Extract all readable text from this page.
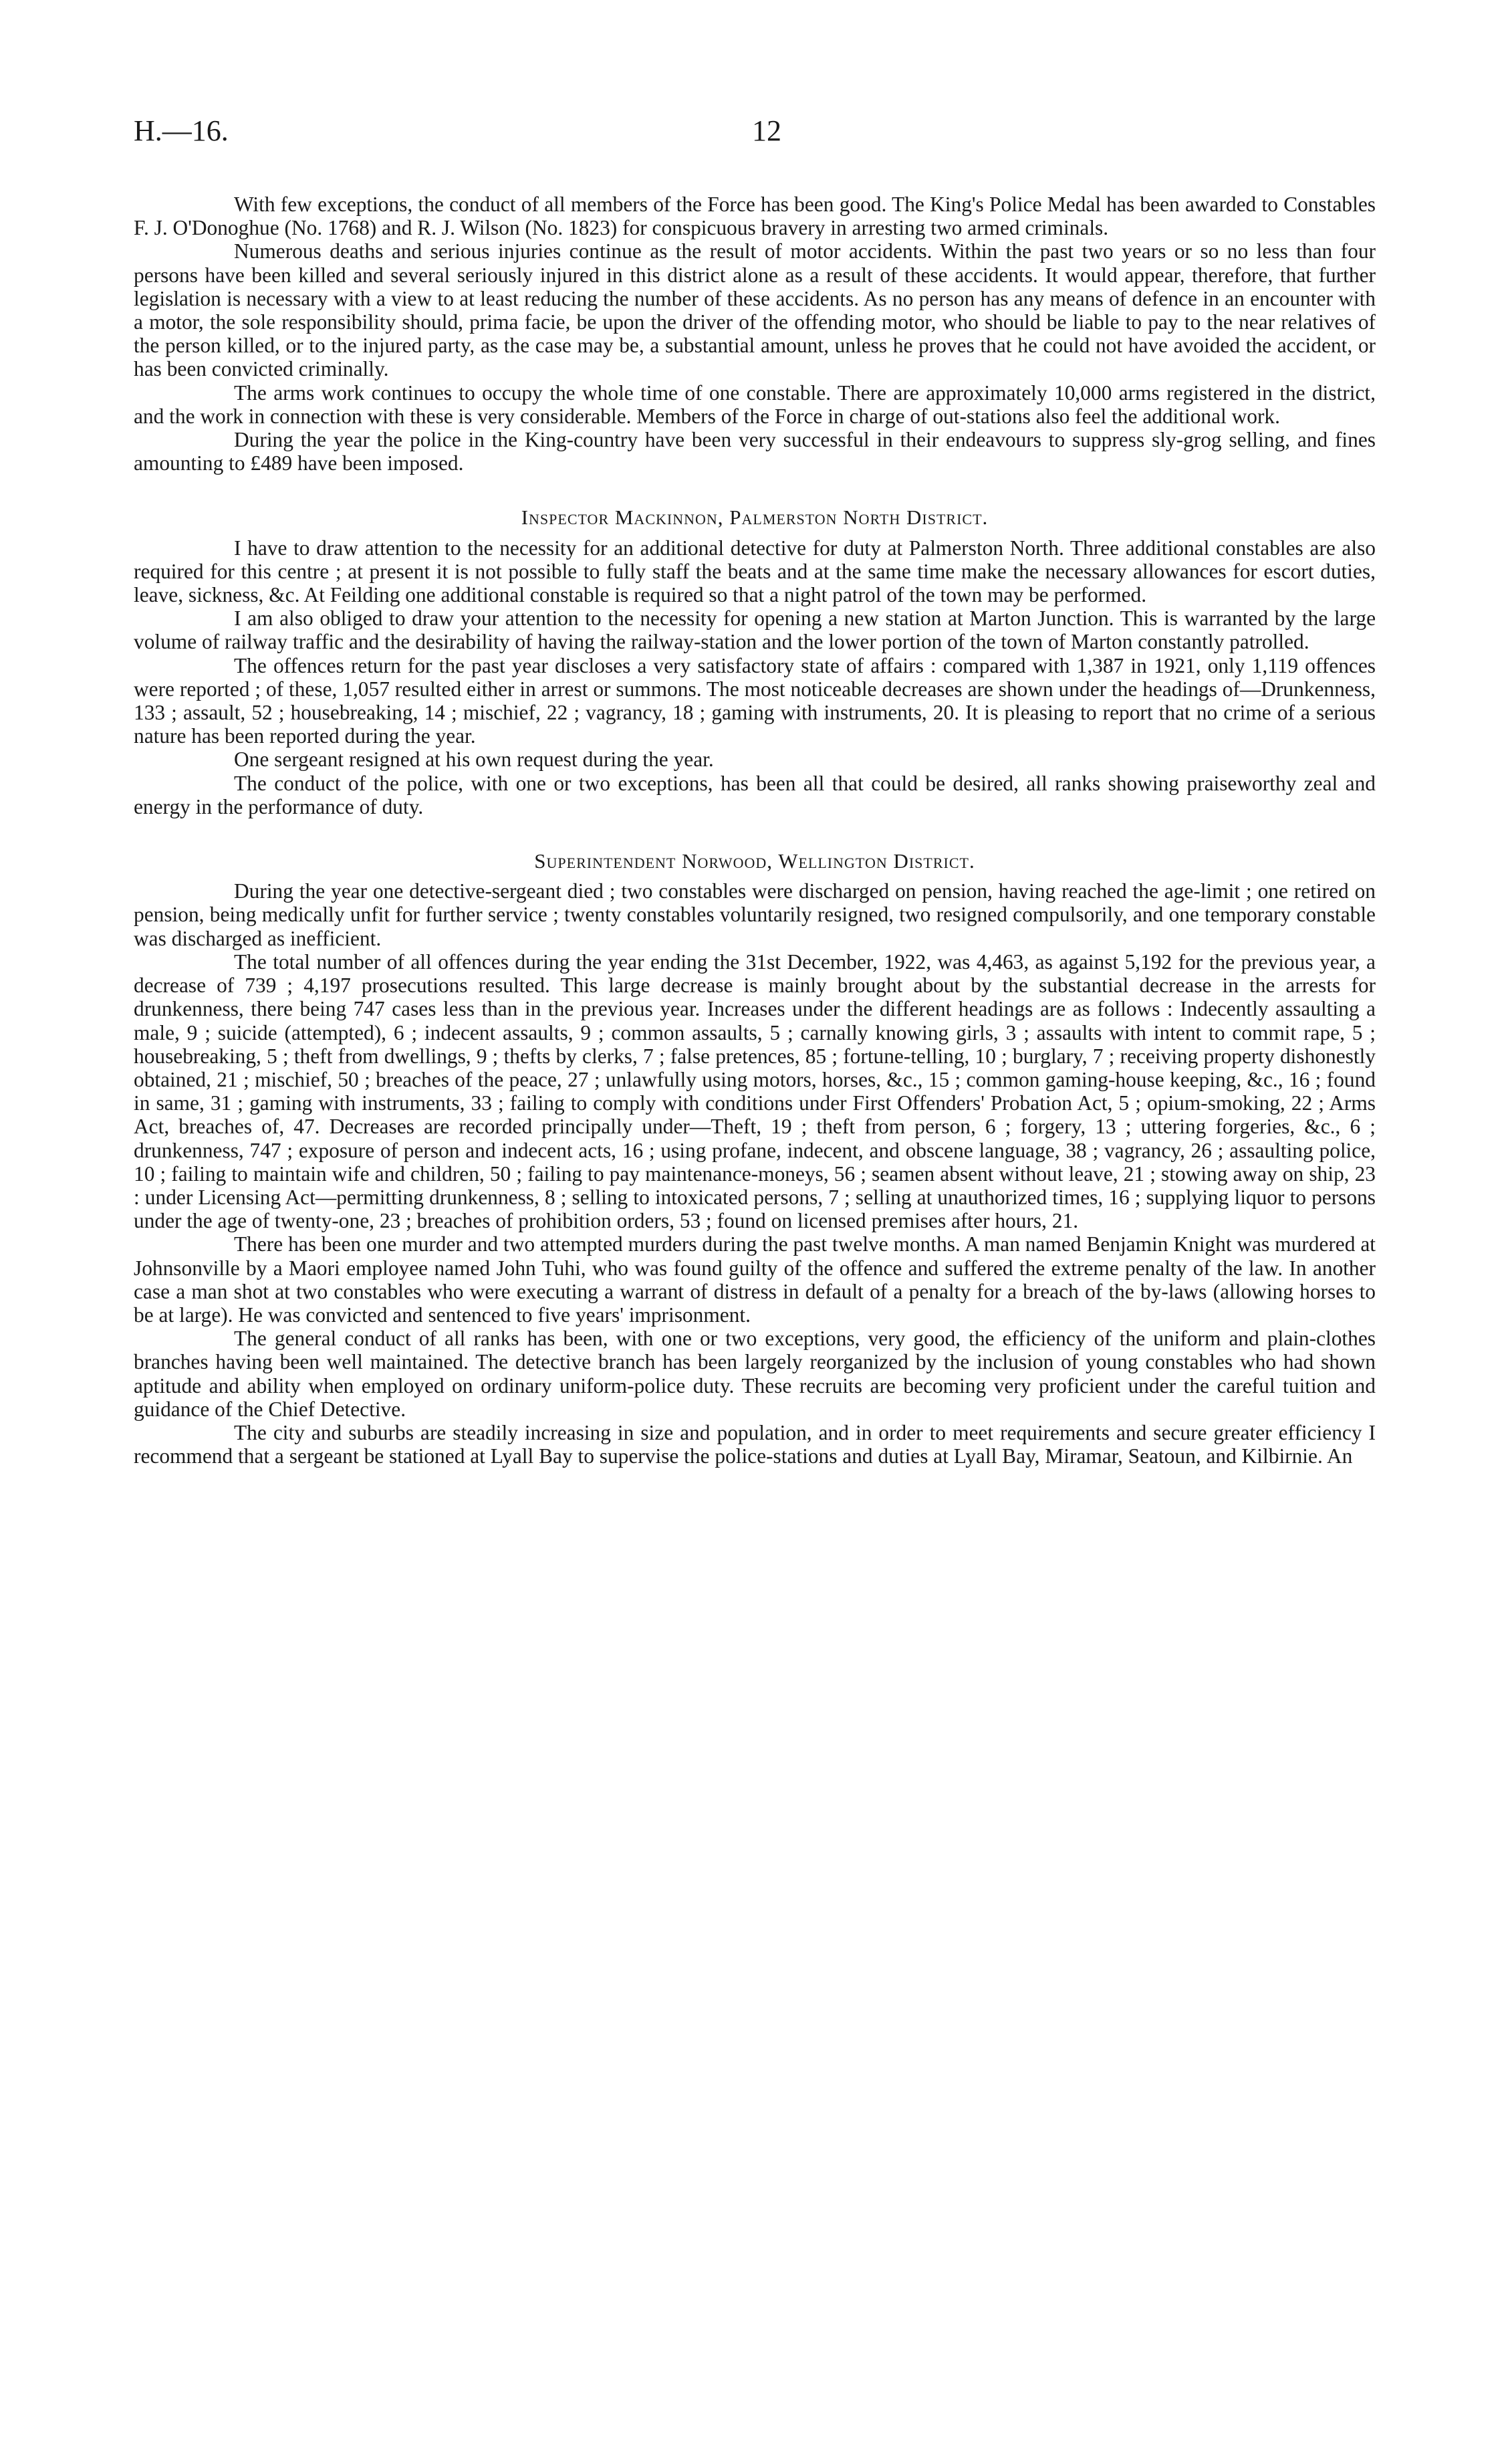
H.—16.	12

With few exceptions, the conduct of all members of the Force has been good. The King's Police Medal has been awarded to Constables F. J. O'Donoghue (No. 1768) and R. J. Wilson (No. 1823) for conspicuous bravery in arresting two armed criminals.

Numerous deaths and serious injuries continue as the result of motor accidents. Within the past two years or so no less than four persons have been killed and several seriously injured in this district alone as a result of these accidents. It would appear, therefore, that further legislation is necessary with a view to at least reducing the number of these accidents. As no person has any means of defence in an encounter with a motor, the sole responsibility should, prima facie, be upon the driver of the offending motor, who should be liable to pay to the near relatives of the person killed, or to the injured party, as the case may be, a substantial amount, unless he proves that he could not have avoided the accident, or has been convicted criminally.

The arms work continues to occupy the whole time of one constable. There are approximately 10,000 arms registered in the district, and the work in connection with these is very considerable. Members of the Force in charge of out-stations also feel the additional work.

During the year the police in the King-country have been very successful in their endeavours to suppress sly-grog selling, and fines amounting to £489 have been imposed.

Inspector Mackinnon, Palmerston North District.

I have to draw attention to the necessity for an additional detective for duty at Palmerston North. Three additional constables are also required for this centre ; at present it is not possible to fully staff the beats and at the same time make the necessary allowances for escort duties, leave, sickness, &c. At Feilding one additional constable is required so that a night patrol of the town may be performed.

I am also obliged to draw your attention to the necessity for opening a new station at Marton Junction. This is warranted by the large volume of railway traffic and the desirability of having the railway-station and the lower portion of the town of Marton constantly patrolled.

The offences return for the past year discloses a very satisfactory state of affairs : compared with 1,387 in 1921, only 1,119 offences were reported ; of these, 1,057 resulted either in arrest or summons. The most noticeable decreases are shown under the headings of—Drunkenness, 133 ; assault, 52 ; housebreaking, 14 ; mischief, 22 ; vagrancy, 18 ; gaming with instruments, 20. It is pleasing to report that no crime of a serious nature has been reported during the year.

One sergeant resigned at his own request during the year.

The conduct of the police, with one or two exceptions, has been all that could be desired, all ranks showing praiseworthy zeal and energy in the performance of duty.

Superintendent Norwood, Wellington District.

During the year one detective-sergeant died ; two constables were discharged on pension, having reached the age-limit ; one retired on pension, being medically unfit for further service ; twenty constables voluntarily resigned, two resigned compulsorily, and one temporary constable was discharged as inefficient.

The total number of all offences during the year ending the 31st December, 1922, was 4,463, as against 5,192 for the previous year, a decrease of 739 ; 4,197 prosecutions resulted. This large decrease is mainly brought about by the substantial decrease in the arrests for drunkenness, there being 747 cases less than in the previous year. Increases under the different headings are as follows : Indecently assaulting a male, 9 ; suicide (attempted), 6 ; indecent assaults, 9 ; common assaults, 5 ; carnally knowing girls, 3 ; assaults with intent to commit rape, 5 ; housebreaking, 5 ; theft from dwellings, 9 ; thefts by clerks, 7 ; false pretences, 85 ; fortune-telling, 10 ; burglary, 7 ; receiving property dishonestly obtained, 21 ; mischief, 50 ; breaches of the peace, 27 ; unlawfully using motors, horses, &c., 15 ; common gaming-house keeping, &c., 16 ; found in same, 31 ; gaming with instruments, 33 ; failing to comply with conditions under First Offenders' Probation Act, 5 ; opium-smoking, 22 ; Arms Act, breaches of, 47. Decreases are recorded principally under—Theft, 19 ; theft from person, 6 ; forgery, 13 ; uttering forgeries, &c., 6 ; drunkenness, 747 ; exposure of person and indecent acts, 16 ; using profane, indecent, and obscene language, 38 ; vagrancy, 26 ; assaulting police, 10 ; failing to maintain wife and children, 50 ; failing to pay maintenance-moneys, 56 ; seamen absent without leave, 21 ; stowing away on ship, 23 : under Licensing Act—permitting drunkenness, 8 ; selling to intoxicated persons, 7 ; selling at unauthorized times, 16 ; supplying liquor to persons under the age of twenty-one, 23 ; breaches of prohibition orders, 53 ; found on licensed premises after hours, 21.

There has been one murder and two attempted murders during the past twelve months. A man named Benjamin Knight was murdered at Johnsonville by a Maori employee named John Tuhi, who was found guilty of the offence and suffered the extreme penalty of the law. In another case a man shot at two constables who were executing a warrant of distress in default of a penalty for a breach of the by-laws (allowing horses to be at large). He was convicted and sentenced to five years' imprisonment.

The general conduct of all ranks has been, with one or two exceptions, very good, the efficiency of the uniform and plain-clothes branches having been well maintained. The detective branch has been largely reorganized by the inclusion of young constables who had shown aptitude and ability when employed on ordinary uniform-police duty. These recruits are becoming very proficient under the careful tuition and guidance of the Chief Detective.

The city and suburbs are steadily increasing in size and population, and in order to meet requirements and secure greater efficiency I recommend that a sergeant be stationed at Lyall Bay to supervise the police-stations and duties at Lyall Bay, Miramar, Seatoun, and Kilbirnie. An
